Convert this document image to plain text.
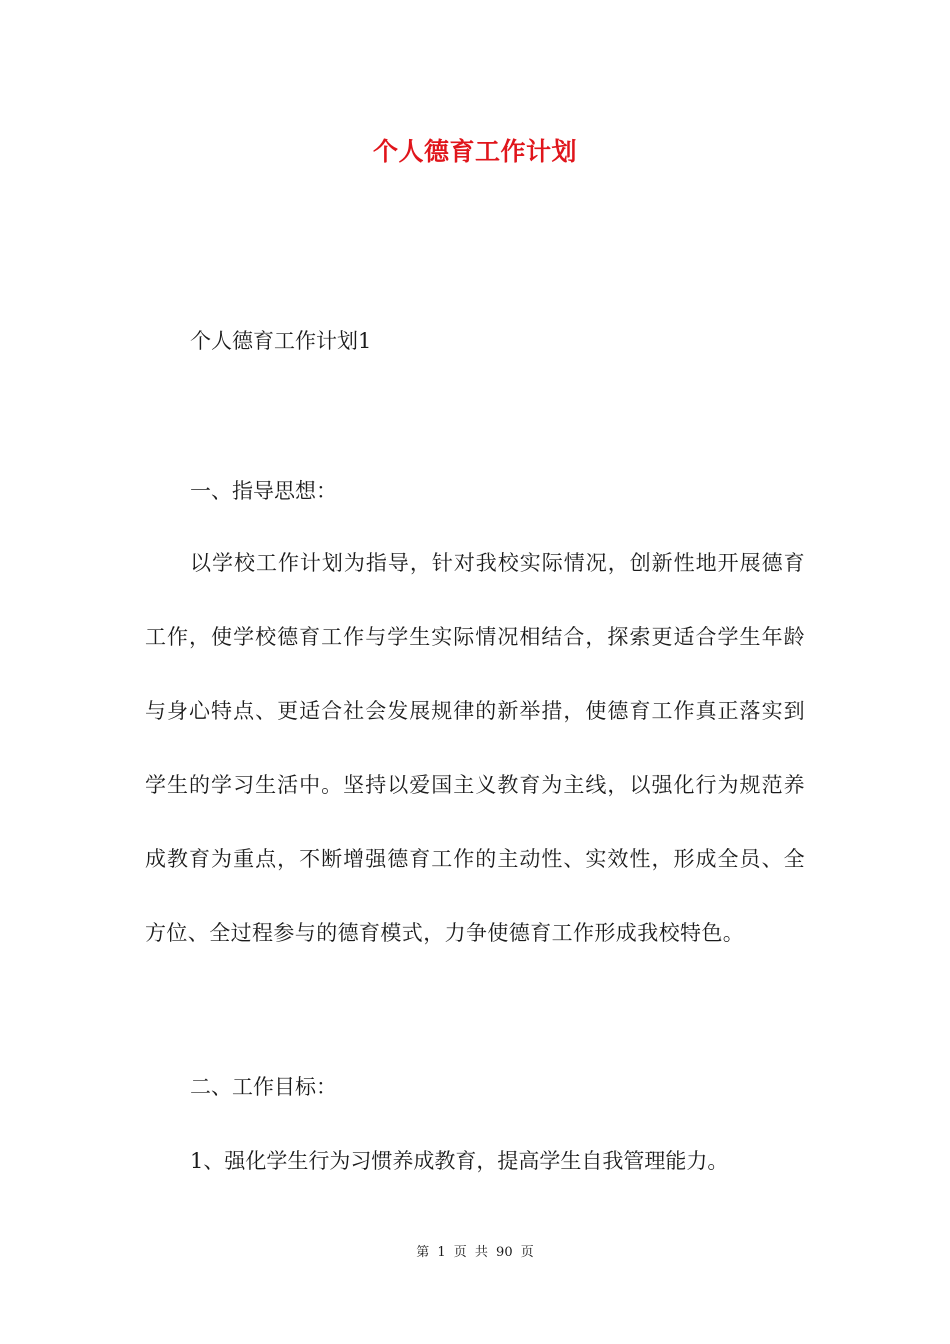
个人德育工作计划
个人德育工作计划1
一、指导思想：
以学校工作计划为指导，针对我校实际情况，创新性地开展德育工作，使学校德育工作与学生实际情况相结合，探索更适合学生年龄与身心特点、更适合社会发展规律的新举措，使德育工作真正落实到学生的学习生活中。坚持以爱国主义教育为主线，以强化行为规范养成教育为重点，不断增强德育工作的主动性、实效性，形成全员、全方位、全过程参与的德育模式，力争使德育工作形成我校特色。
二、工作目标：
1、强化学生行为习惯养成教育，提高学生自我管理能力。
第 1 页 共 90 页
